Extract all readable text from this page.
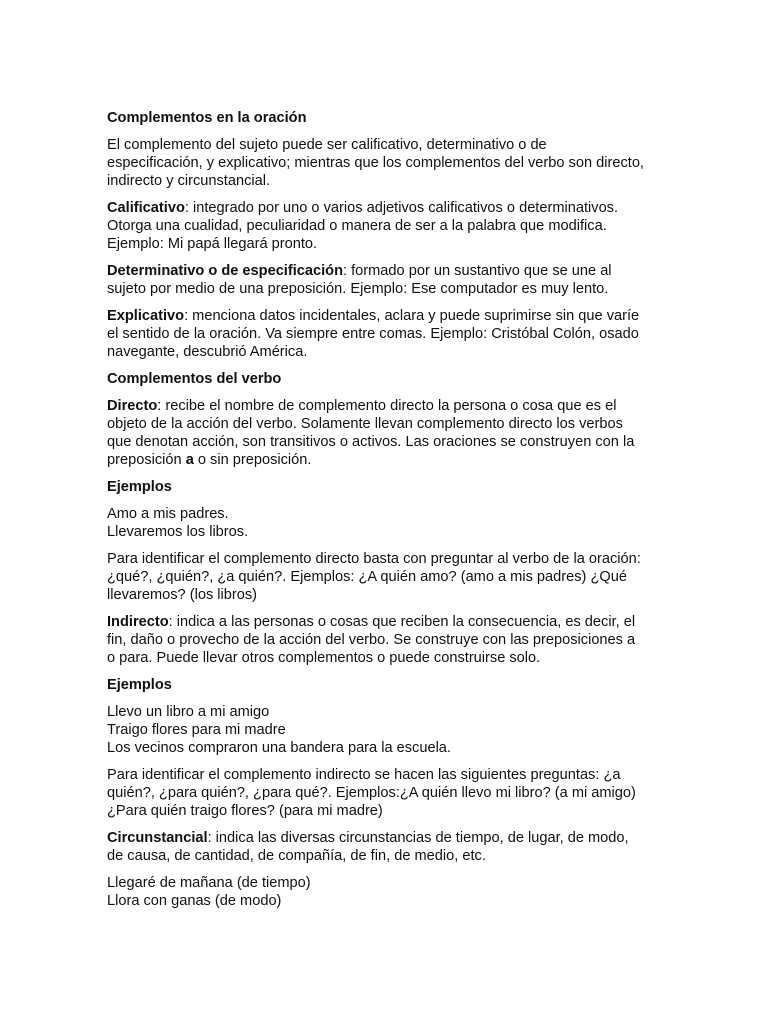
Complementos en la oración

El complemento del sujeto puede ser calificativo, determinativo o de
especificación, y explicativo; mientras que los complementos del verbo son directo,
indirecto y circunstancial.

Calificativo: integrado por uno o varios adjetivos calificativos o determinativos.
Otorga una cualidad, peculiaridad o manera de ser a la palabra que modifica.
Ejemplo: Mi papá llegará pronto.

Determinativo o de especificación: formado por un sustantivo que se une al
sujeto por medio de una preposición. Ejemplo: Ese computador es muy lento.

Explicativo: menciona datos incidentales, aclara y puede suprimirse sin que varíe
el sentido de la oración. Va siempre entre comas. Ejemplo: Cristóbal Colón, osado
navegante, descubrió América.

Complementos del verbo

Directo: recibe el nombre de complemento directo la persona o cosa que es el
objeto de la acción del verbo. Solamente llevan complemento directo los verbos
que denotan acción, son transitivos o activos. Las oraciones se construyen con la
preposición a o sin preposición.

Ejemplos

Amo a mis padres.
Llevaremos los libros.

Para identificar el complemento directo basta con preguntar al verbo de la oración:
¿qué?, ¿quién?, ¿a quién?. Ejemplos: ¿A quién amo? (amo a mis padres) ¿Qué
llevaremos? (los libros)

Indirecto: indica a las personas o cosas que reciben la consecuencia, es decir, el
fin, daño o provecho de la acción del verbo. Se construye con las preposiciones a
o para. Puede llevar otros complementos o puede construirse solo.

Ejemplos

Llevo un libro a mi amigo
Traigo flores para mi madre
Los vecinos compraron una bandera para la escuela.

Para identificar el complemento indirecto se hacen las siguientes preguntas: ¿a
quién?, ¿para quién?, ¿para qué?. Ejemplos:¿A quién llevo mi libro? (a mi amigo)
¿Para quién traigo flores? (para mi madre)

Circunstancial: indica las diversas circunstancias de tiempo, de lugar, de modo,
de causa, de cantidad, de compañía, de fin, de medio, etc.

Llegaré de mañana (de tiempo)
Llora con ganas (de modo)
